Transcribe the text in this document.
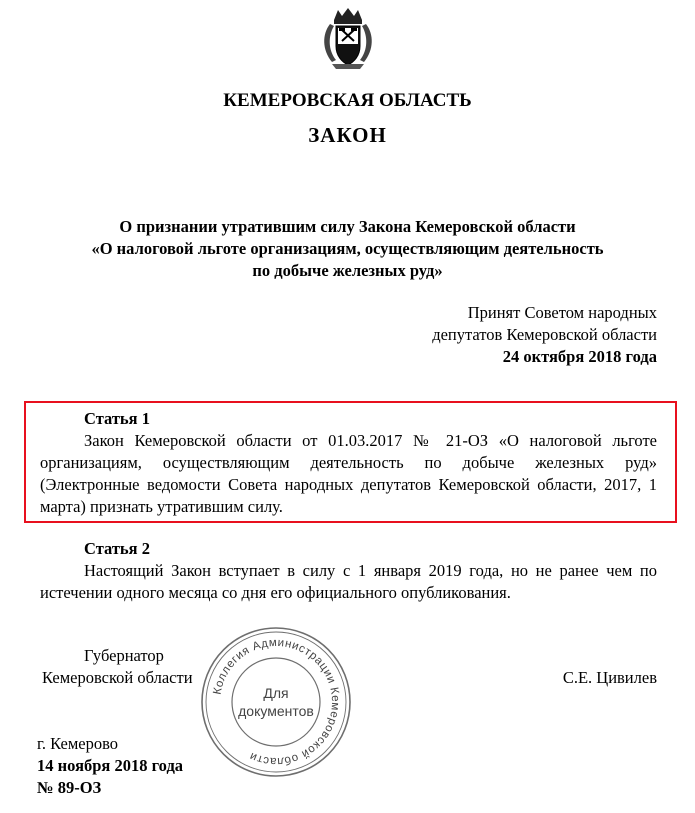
КЕМЕРОВСКАЯ ОБЛАСТЬ
ЗАКОН
О признании утратившим силу Закона Кемеровской области
«О налоговой льготе организациям, осуществляющим деятельность
по добыче железных руд»
Принят Советом народных
депутатов Кемеровской области
24 октября 2018 года
Статья 1
Закон Кемеровской области от 01.03.2017 № 21-ОЗ «О налоговой льготе организациям, осуществляющим деятельность по добыче железных руд» (Электронные ведомости Совета народных депутатов Кемеровской области, 2017, 1 марта) признать утратившим силу.
Статья 2
Настоящий Закон вступает в силу с 1 января 2019 года, но не ранее чем по истечении одного месяца со дня его официального опубликования.
Губернатор
Кемеровской области	С.Е. Цивилев
Коллегия Администрации Кемеровской области
Для
документов
г. Кемерово
14 ноября 2018 года
№ 89-ОЗ
